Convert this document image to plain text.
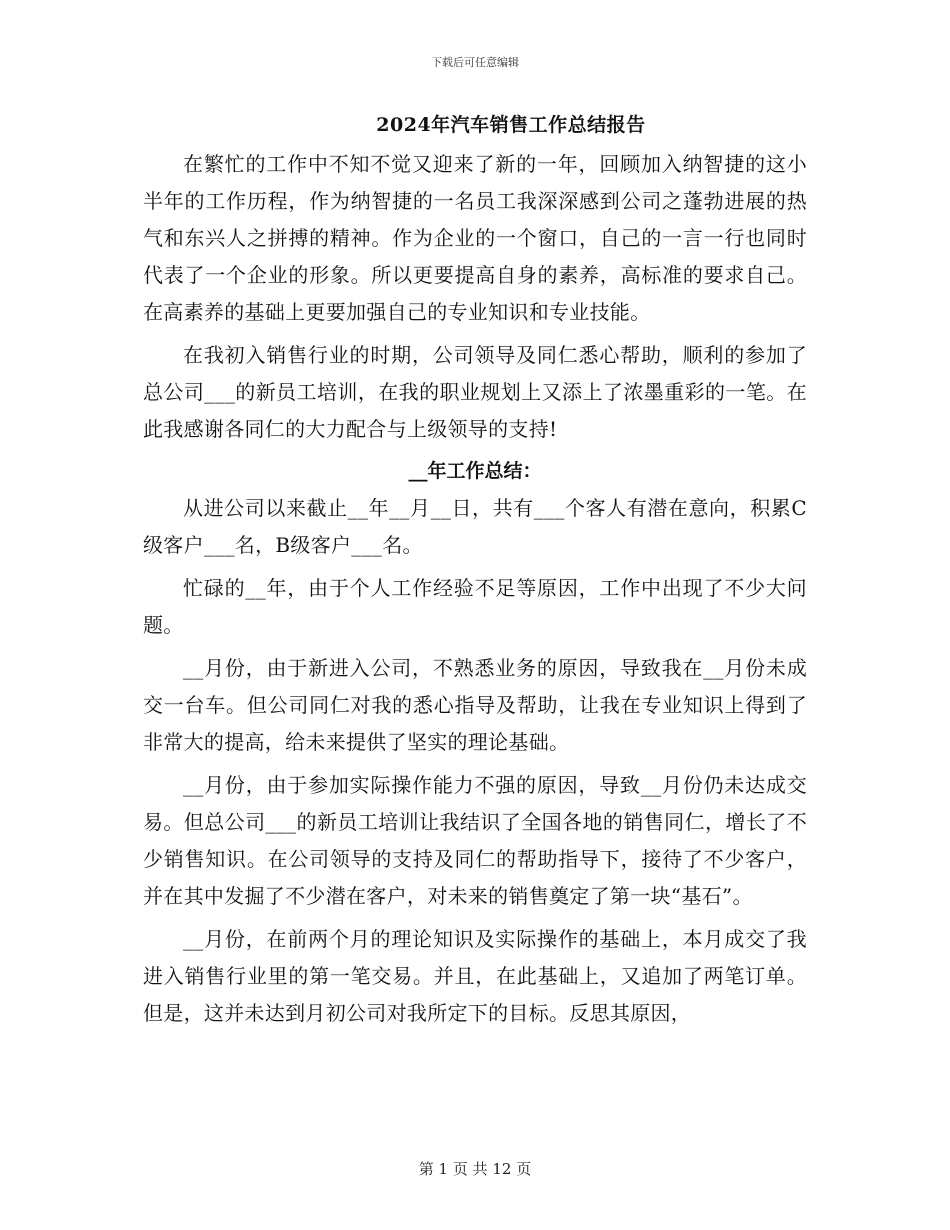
下载后可任意编辑
2024年汽车销售工作总结报告

在繁忙的工作中不知不觉又迎来了新的一年，回顾加入纳智捷的这小半年的工作历程，作为纳智捷的一名员工我深深感到公司之蓬勃进展的热气和东兴人之拼搏的精神。作为企业的一个窗口，自己的一言一行也同时代表了一个企业的形象。所以更要提高自身的素养，高标准的要求自己。在高素养的基础上更要加强自己的专业知识和专业技能。

在我初入销售行业的时期，公司领导及同仁悉心帮助，顺利的参加了总公司___的新员工培训，在我的职业规划上又添上了浓墨重彩的一笔。在此我感谢各同仁的大力配合与上级领导的支持!

__年工作总结：

从进公司以来截止__年__月__日，共有___个客人有潜在意向，积累C级客户___名，B级客户___名。

忙碌的__年，由于个人工作经验不足等原因，工作中出现了不少大问题。

__月份，由于新进入公司，不熟悉业务的原因，导致我在__月份未成交一台车。但公司同仁对我的悉心指导及帮助，让我在专业知识上得到了非常大的提高，给未来提供了坚实的理论基础。

__月份，由于参加实际操作能力不强的原因，导致__月份仍未达成交易。但总公司___的新员工培训让我结识了全国各地的销售同仁，增长了不少销售知识。在公司领导的支持及同仁的帮助指导下，接待了不少客户，并在其中发掘了不少潜在客户，对未来的销售奠定了第一块“基石”。

__月份，在前两个月的理论知识及实际操作的基础上，本月成交了我进入销售行业里的第一笔交易。并且，在此基础上，又追加了两笔订单。但是，这并未达到月初公司对我所定下的目标。反思其原因，

第 1 页 共 12 页
